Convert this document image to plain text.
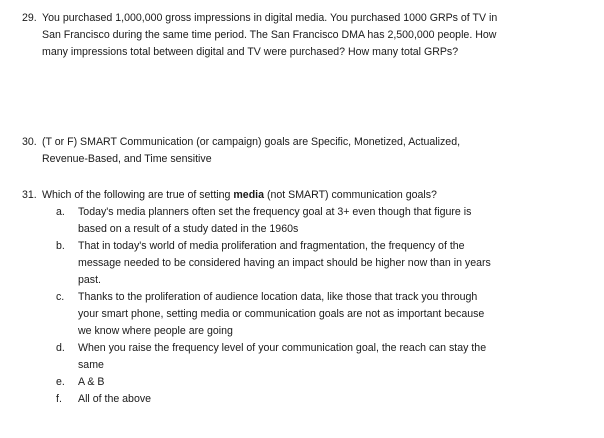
29. You purchased 1,000,000 gross impressions in digital media. You purchased 1000 GRPs of TV in
San Francisco during the same time period. The San Francisco DMA has 2,500,000 people. How
many impressions total between digital and TV were purchased? How many total GRPs?
30. (T or F) SMART Communication (or campaign) goals are Specific, Monetized, Actualized,
Revenue-Based, and Time sensitive
31. Which of the following are true of setting media (not SMART) communication goals?
a. Today's media planners often set the frequency goal at 3+ even though that figure is
based on a result of a study dated in the 1960s
b. That in today's world of media proliferation and fragmentation, the frequency of the
message needed to be considered having an impact should be higher now than in years
past.
c. Thanks to the proliferation of audience location data, like those that track you through
your smart phone, setting media or communication goals are not as important because
we know where people are going
d. When you raise the frequency level of your communication goal, the reach can stay the
same
e. A & B
f. All of the above
